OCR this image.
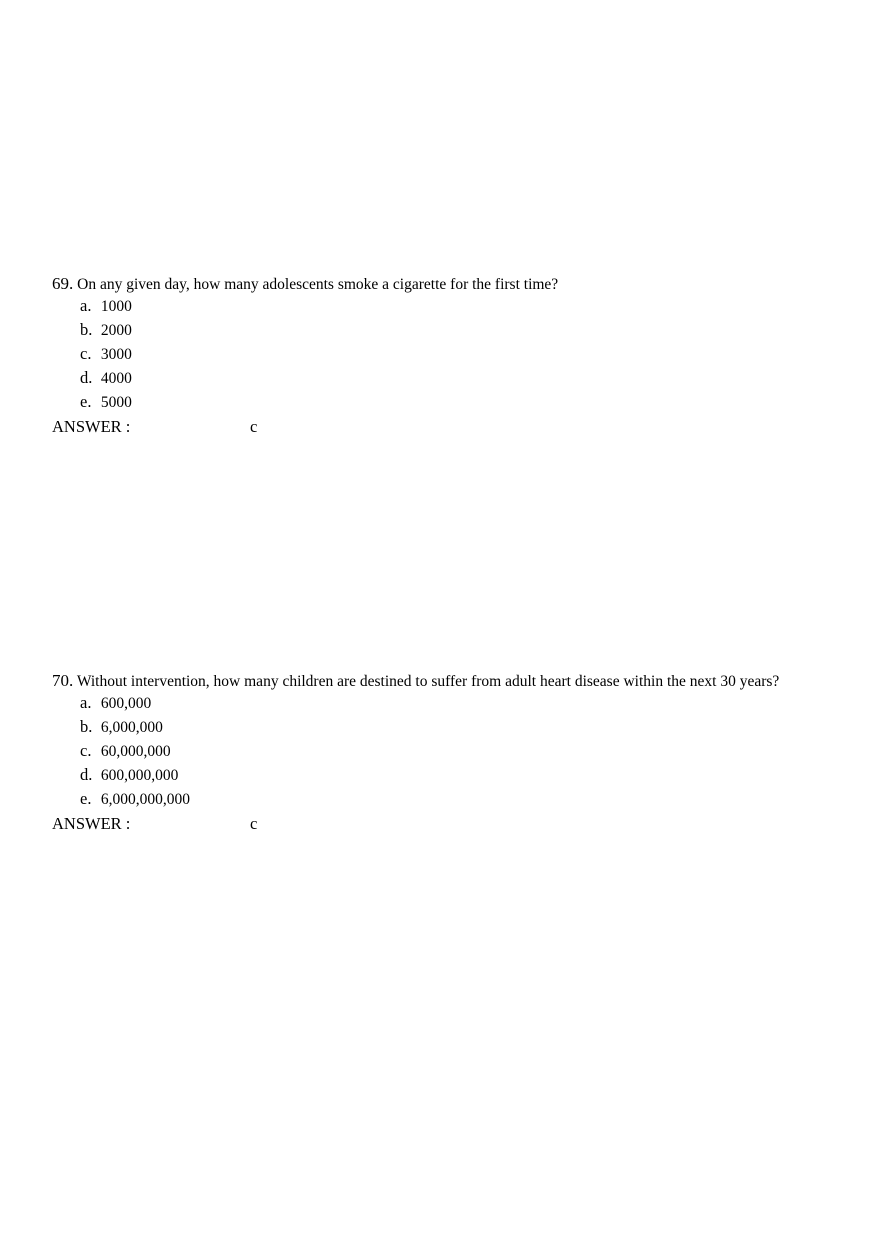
69. On any given day, how many adolescents smoke a cigarette for the first time?
a. 1000
b. 2000
c. 3000
d. 4000
e. 5000
ANSWER :	c
70. Without intervention, how many children are destined to suffer from adult heart disease within the next 30 years?
a. 600,000
b. 6,000,000
c. 60,000,000
d. 600,000,000
e. 6,000,000,000
ANSWER :	c
